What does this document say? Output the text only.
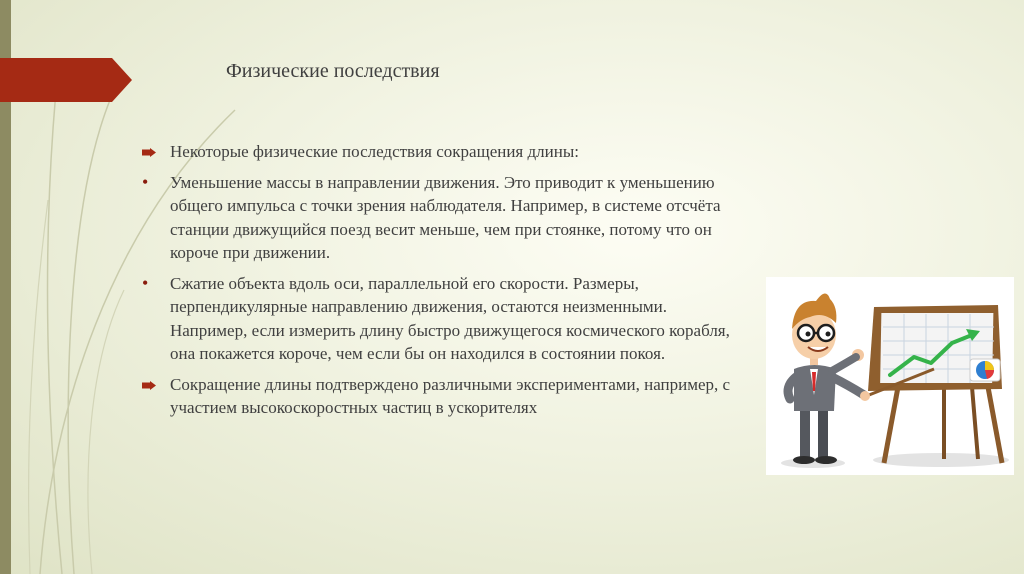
Физические последствия
Некоторые физические последствия сокращения длины:
•	Уменьшение массы в направлении движения. Это приводит к уменьшению общего импульса с точки зрения наблюдателя. Например, в системе отсчёта станции движущийся поезд весит меньше, чем при стоянке, потому что он короче при движении.
•	Сжатие объекта вдоль оси, параллельной его скорости. Размеры, перпендикулярные направлению движения, остаются неизменными. Например, если измерить длину быстро движущегося космического корабля, она покажется короче, чем если бы он находился в состоянии покоя.
Сокращение длины подтверждено различными экспериментами, например, с участием высокоскоростных частиц в ускорителях
